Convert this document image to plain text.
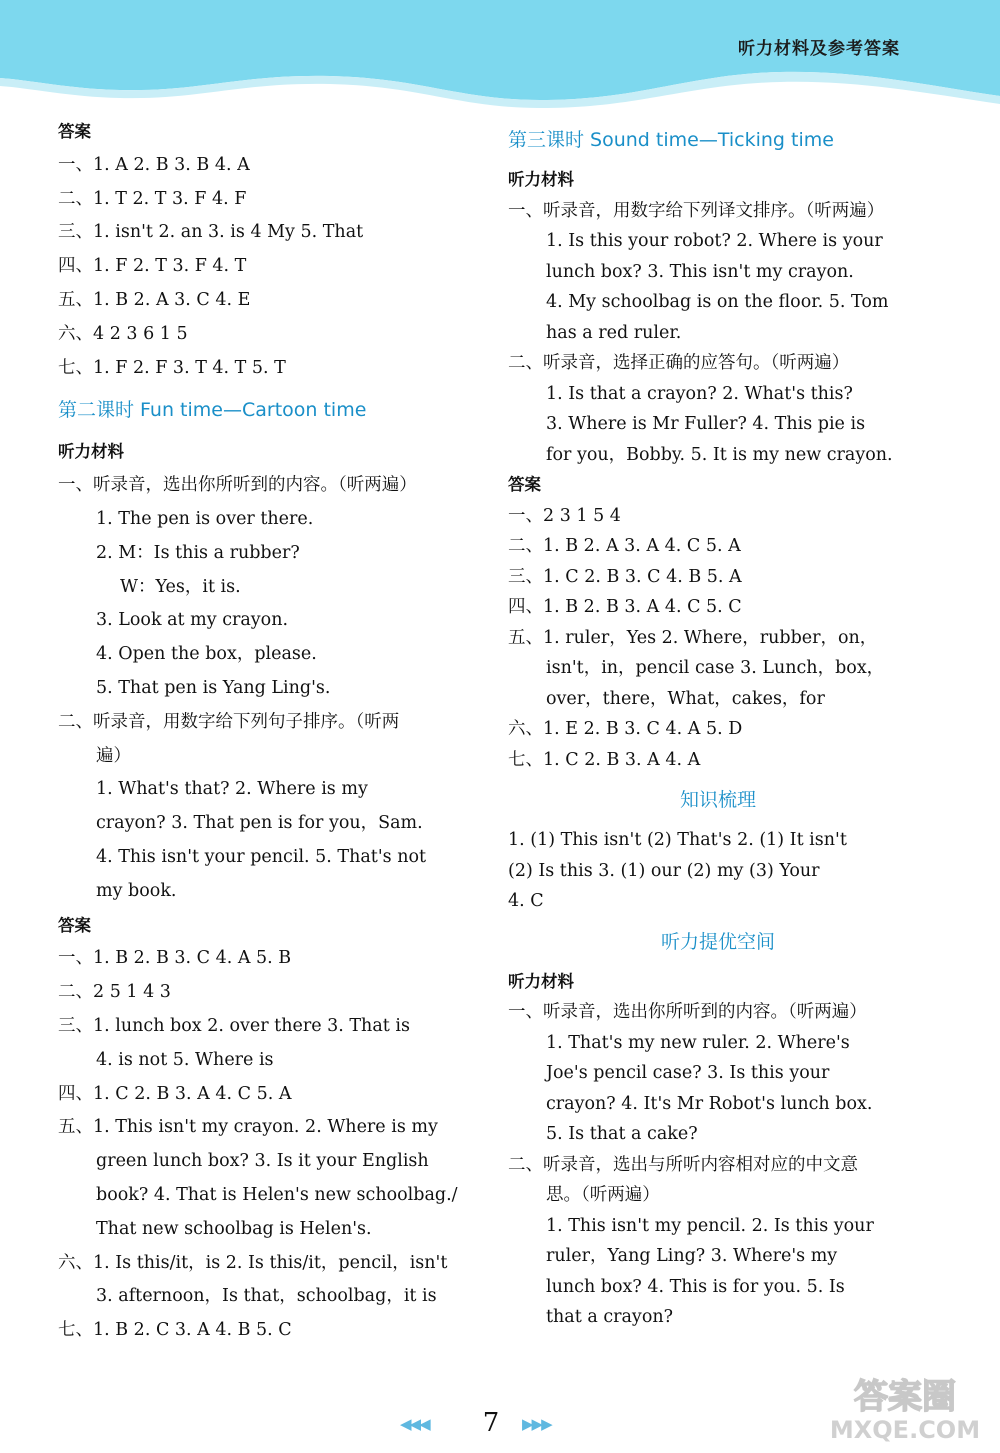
听力材料及参考答案
答案
一、1. A 2. B 3. B 4. A
二、1. T 2. T 3. F 4. F
三、1. isn't 2. an 3. is 4 My 5. That
四、1. F 2. T 3. F 4. T
五、1. B 2. A 3. C 4. E
六、4 2 3 6 1 5
七、1. F 2. F 3. T 4. T 5. T
第二课时 Fun time—Cartoon time
听力材料
一、听录音，选出你所听到的内容。（听两遍）
1. The pen is over there.
2. M：Is this a rubber?
W：Yes，it is.
3. Look at my crayon.
4. Open the box，please.
5. That pen is Yang Ling's.
二、听录音，用数字给下列句子排序。（听两
遍）
1. What's that? 2. Where is my
crayon? 3. That pen is for you，Sam.
4. This isn't your pencil. 5. That's not
my book.
答案
一、1. B 2. B 3. C 4. A 5. B
二、2 5 1 4 3
三、1. lunch box 2. over there 3. That is
4. is not 5. Where is
四、1. C 2. B 3. A 4. C 5. A
五、1. This isn't my crayon. 2. Where is my
green lunch box? 3. Is it your English
book? 4. That is Helen's new schoolbag./
That new schoolbag is Helen's.
六、1. Is this/it，is 2. Is this/it，pencil，isn't
3. afternoon，Is that，schoolbag，it is
七、1. B 2. C 3. A 4. B 5. C
第三课时 Sound time—Ticking time
听力材料
一、听录音，用数字给下列译文排序。（听两遍）
1. Is this your robot? 2. Where is your
lunch box? 3. This isn't my crayon.
4. My schoolbag is on the floor. 5. Tom
has a red ruler.
二、听录音，选择正确的应答句。（听两遍）
1. Is that a crayon? 2. What's this?
3. Where is Mr Fuller? 4. This pie is
for you，Bobby. 5. It is my new crayon.
答案
一、2 3 1 5 4
二、1. B 2. A 3. A 4. C 5. A
三、1. C 2. B 3. C 4. B 5. A
四、1. B 2. B 3. A 4. C 5. C
五、1. ruler，Yes 2. Where，rubber，on，
isn't，in，pencil case 3. Lunch，box，
over，there，What，cakes，for
六、1. E 2. B 3. C 4. A 5. D
七、1. C 2. B 3. A 4. A
知识梳理
1. (1) This isn't (2) That's 2. (1) It isn't
(2) Is this 3. (1) our (2) my (3) Your
4. C
听力提优空间
听力材料
一、听录音，选出你所听到的内容。（听两遍）
1. That's my new ruler. 2. Where's
Joe's pencil case? 3. Is this your
crayon? 4. It's Mr Robot's lunch box.
5. Is that a cake?
二、听录音，选出与所听内容相对应的中文意
思。（听两遍）
1. This isn't my pencil. 2. Is this your
ruler，Yang Ling? 3. Where's my
lunch box? 4. This is for you. 5. Is
that a crayon?
◀◀◀ 7	▶▶▶
答案圈
MXQE.COM
